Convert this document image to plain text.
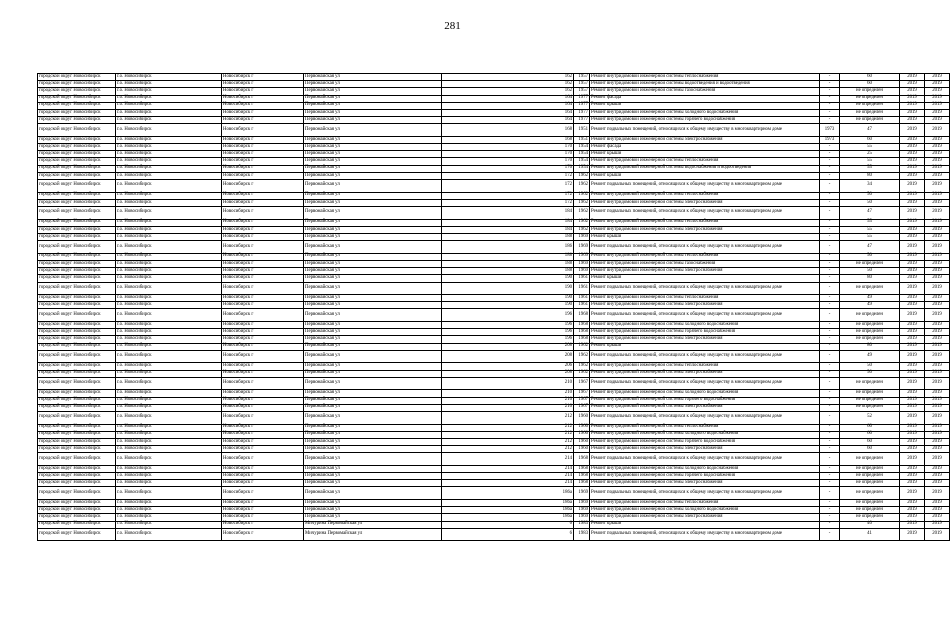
281
городской округ Новосибирск	г.о. Новосибирск	Новосибирск г	Первомайская ул	162	1957	Ремонт внутридомовой инженерной системы теплоснабжения	-	60	2019	2019
городской округ Новосибирск	г.о. Новосибирск	Новосибирск г	Первомайская ул	162	1957	Ремонт внутридомовой инженерной системы водоотведения и водоотведения	-	60	2019	2019
городской округ Новосибирск	г.о. Новосибирск	Новосибирск г	Первомайская ул	162	1957	Ремонт внутридомовой инженерной системы газоснабжения	-	не определен	2019	2019
городской округ Новосибирск	г.о. Новосибирск	Новосибирск г	Первомайская ул	164	1977	Ремонт фасада	-	не определен	2019	2019
городской округ Новосибирск	г.о. Новосибирск	Новосибирск г	Первомайская ул	164	1977	Ремонт крыши	-	не определен	2019	2019
городской округ Новосибирск	г.о. Новосибирск	Новосибирск г	Первомайская ул	164	1977	Ремонт внутридомовой инженерной системы холодного водоснабжения	-	не определен	2019	2019
городской округ Новосибирск	г.о. Новосибирск	Новосибирск г	Первомайская ул	164	1977	Ремонт внутридомовой инженерной системы горячего водоснабжения	-	не определен	2019	2019
городской округ Новосибирск	г.о. Новосибирск	Новосибирск г	Первомайская ул	168	1951	Ремонт подвальных помещений, относящихся к общему имуществу в многоквартирном доме	1973	47	2019	2019
городской округ Новосибирск	г.о. Новосибирск	Новосибирск г	Первомайская ул	168	1951	Ремонт внутридомовой инженерной системы электроснабжения	1973	60	2019	2019
городской округ Новосибирск	г.о. Новосибирск	Новосибирск г	Первомайская ул	170	1954	Ремонт фасада	-	55	2019	2019
городской округ Новосибирск	г.о. Новосибирск	Новосибирск г	Первомайская ул	170	1954	Ремонт крыши	-	25	2019	2019
городской округ Новосибирск	г.о. Новосибирск	Новосибирск г	Первомайская ул	170	1954	Ремонт внутридомовой инженерной системы теплоснабжения	-	55	2019	2019
городской округ Новосибирск	г.о. Новосибирск	Новосибирск г	Первомайская ул	170	1954	Ремонт внутридомовой инженерной системы водоснабжения и водоотведения	-	55	2019	2019
городской округ Новосибирск	г.о. Новосибирск	Новосибирск г	Первомайская ул	172	1962	Ремонт крыши	-	80	2019	2019
городской округ Новосибирск	г.о. Новосибирск	Новосибирск г	Первомайская ул	172	1962	Ремонт подвальных помещений, относящихся к общему имуществу в многоквартирном доме	-	34	2019	2019
городской округ Новосибирск	г.о. Новосибирск	Новосибирск г	Первомайская ул	172	1962	Ремонт внутридомовой инженерной системы теплоснабжения	-	50	2019	2019
городской округ Новосибирск	г.о. Новосибирск	Новосибирск г	Первомайская ул	172	1962	Ремонт внутридомовой инженерной системы электроснабжения	-	50	2019	2019
городской округ Новосибирск	г.о. Новосибирск	Новосибирск г	Первомайская ул	184	1962	Ремонт подвальных помещений, относящихся к общему имуществу в многоквартирном доме	-	47	2019	2019
городской округ Новосибирск	г.о. Новосибирск	Новосибирск г	Первомайская ул	184	1962	Ремонт внутридомовой инженерной системы теплоснабжения	-	55	2019	2019
городской округ Новосибирск	г.о. Новосибирск	Новосибирск г	Первомайская ул	184	1962	Ремонт внутридомовой инженерной системы электроснабжения	-	55	2019	2019
городской округ Новосибирск	г.о. Новосибирск	Новосибирск г	Первомайская ул	188	1969	Ремонт крыши	-	55	2019	2019
городской округ Новосибирск	г.о. Новосибирск	Новосибирск г	Первомайская ул	186	1969	Ремонт подвальных помещений, относящихся к общему имуществу в многоквартирном доме	-	47	2019	2019
городской округ Новосибирск	г.о. Новосибирск	Новосибирск г	Первомайская ул	188	1969	Ремонт внутридомовой инженерной системы теплоснабжения	-	50	2019	2019
городской округ Новосибирск	г.о. Новосибирск	Новосибирск г	Первомайская ул	188	1969	Ремонт внутридомовой инженерной системы газоснабжения	-	не определен	2019	2019
городской округ Новосибирск	г.о. Новосибирск	Новосибирск г	Первомайская ул	188	1969	Ремонт внутридомовой инженерной системы электроснабжения	-	50	2019	2019
городской округ Новосибирск	г.о. Новосибирск	Новосибирск г	Первомайская ул	190	1961	Ремонт крыши	-	80	2019	2019
городской округ Новосибирск	г.о. Новосибирск	Новосибирск г	Первомайская ул	190	1961	Ремонт подвальных помещений, относящихся к общему имуществу в многоквартирном доме	-	не определен	2019	2019
городской округ Новосибирск	г.о. Новосибирск	Новосибирск г	Первомайская ул	190	1961	Ремонт внутридомовой инженерной системы теплоснабжения	-	49	2019	2019
городской округ Новосибирск	г.о. Новосибирск	Новосибирск г	Первомайская ул	190	1961	Ремонт внутридомовой инженерной системы электроснабжения	-	49	2019	2019
городской округ Новосибирск	г.о. Новосибирск	Новосибирск г	Первомайская ул	196	1968	Ремонт подвальных помещений, относящихся к общему имуществу в многоквартирном доме	-	не определен	2019	2019
городской округ Новосибирск	г.о. Новосибирск	Новосибирск г	Первомайская ул	196	1968	Ремонт внутридомовой инженерной системы холодного водоснабжения	-	не определен	2019	2019
городской округ Новосибирск	г.о. Новосибирск	Новосибирск г	Первомайская ул	196	1968	Ремонт внутридомовой инженерной системы горячего водоснабжения	-	не определен	2019	2019
городской округ Новосибирск	г.о. Новосибирск	Новосибирск г	Первомайская ул	196	1968	Ремонт внутридомовой инженерной системы электроснабжения	-	не определен	2019	2019
городской округ Новосибирск	г.о. Новосибирск	Новосибирск г	Первомайская ул	208	1962	Ремонт крыши	-	80	2019	2019
городской округ Новосибирск	г.о. Новосибирск	Новосибирск г	Первомайская ул	208	1962	Ремонт подвальных помещений, относящихся к общему имуществу в многоквартирном доме	-	49	2019	2019
городской округ Новосибирск	г.о. Новосибирск	Новосибирск г	Первомайская ул	206	1962	Ремонт внутридомовой инженерной системы теплоснабжения	-	50	2019	2019
городской округ Новосибирск	г.о. Новосибирск	Новосибирск г	Первомайская ул	208	1962	Ремонт внутридомовой инженерной системы электроснабжения	-	50	2019	2019
городской округ Новосибирск	г.о. Новосибирск	Новосибирск г	Первомайская ул	210	1967	Ремонт подвальных помещений, относящихся к общему имуществу в многоквартирном доме	-	не определен	2019	2019
городской округ Новосибирск	г.о. Новосибирск	Новосибирск г	Первомайская ул	210	1967	Ремонт внутридомовой инженерной системы холодного водоснабжения	-	не определен	2019	2019
городской округ Новосибирск	г.о. Новосибирск	Новосибирск г	Первомайская ул	210	1967	Ремонт внутридомовой инженерной системы горячего водоснабжения	-	не определен	2019	2019
городской округ Новосибирск	г.о. Новосибирск	Новосибирск г	Первомайская ул	210	1967	Ремонт внутридомовой инженерной системы электроснабжения	-	не определен	2019	2019
городской округ Новосибирск	г.о. Новосибирск	Новосибирск г	Первомайская ул	212	1960	Ремонт подвальных помещений, относящихся к общему имуществу в многоквартирном доме	-	52	2019	2019
городской округ Новосибирск	г.о. Новосибирск	Новосибирск г	Первомайская ул	212	1960	Ремонт внутридомовой инженерной системы теплоснабжения	-	60	2019	2019
городской округ Новосибирск	г.о. Новосибирск	Новосибирск г	Первомайская ул	212	1960	Ремонт внутридомовой инженерной системы холодного водоснабжения	-	60	2019	2019
городской округ Новосибирск	г.о. Новосибирск	Новосибирск г	Первомайская ул	212	1960	Ремонт внутридомовой инженерной системы горячего водоснабжения	-	60	2019	2019
городской округ Новосибирск	г.о. Новосибирск	Новосибирск г	Первомайская ул	212	1960	Ремонт внутридомовой инженерной системы электроснабжения	-	60	2019	2019
городской округ Новосибирск	г.о. Новосибирск	Новосибирск г	Первомайская ул	214	1968	Ремонт подвальных помещений, относящихся к общему имуществу в многоквартирном доме	-	не определен	2019	2019
городской округ Новосибирск	г.о. Новосибирск	Новосибирск г	Первомайская ул	214	1968	Ремонт внутридомовой инженерной системы холодного водоснабжения	-	не определен	2019	2019
городской округ Новосибирск	г.о. Новосибирск	Новосибирск г	Первомайская ул	214	1968	Ремонт внутридомовой инженерной системы горячего водоснабжения	-	не определен	2019	2019
городской округ Новосибирск	г.о. Новосибирск	Новосибирск г	Первомайская ул	214	1968	Ремонт внутридомовой инженерной системы электроснабжения	-	не определен	2019	2019
городской округ Новосибирск	г.о. Новосибирск	Новосибирск г	Первомайская ул	186а	1969	Ремонт подвальных помещений, относящихся к общему имуществу в многоквартирном доме	-	не определен	2019	2019
городской округ Новосибирск	г.о. Новосибирск	Новосибирск г	Первомайская ул	186а	1969	Ремонт внутридомовой инженерной системы теплоснабжения	-	не определен	2019	2019
городской округ Новосибирск	г.о. Новосибирск	Новосибирск г	Первомайская ул	186а	1969	Ремонт внутридомовой инженерной системы холодного водоснабжения	-	не определен	2019	2019
городской округ Новосибирск	г.о. Новосибирск	Новосибирск г	Первомайская ул	186а	1969	Ремонт внутридомовой инженерной системы электроснабжения	-	не определен	2019	2019
городской округ Новосибирск	г.о. Новосибирск	Новосибирск г	Мичурина Первомайская ул	6	1983	Ремонт крыши	-	40	2019	2019
городской округ Новосибирск	г.о. Новосибирск	Новосибирск г	Мичурина Первомайская ул	6	1983	Ремонт подвальных помещений, относящихся к общему имуществу в многоквартирном доме	-	41	2019	2019
